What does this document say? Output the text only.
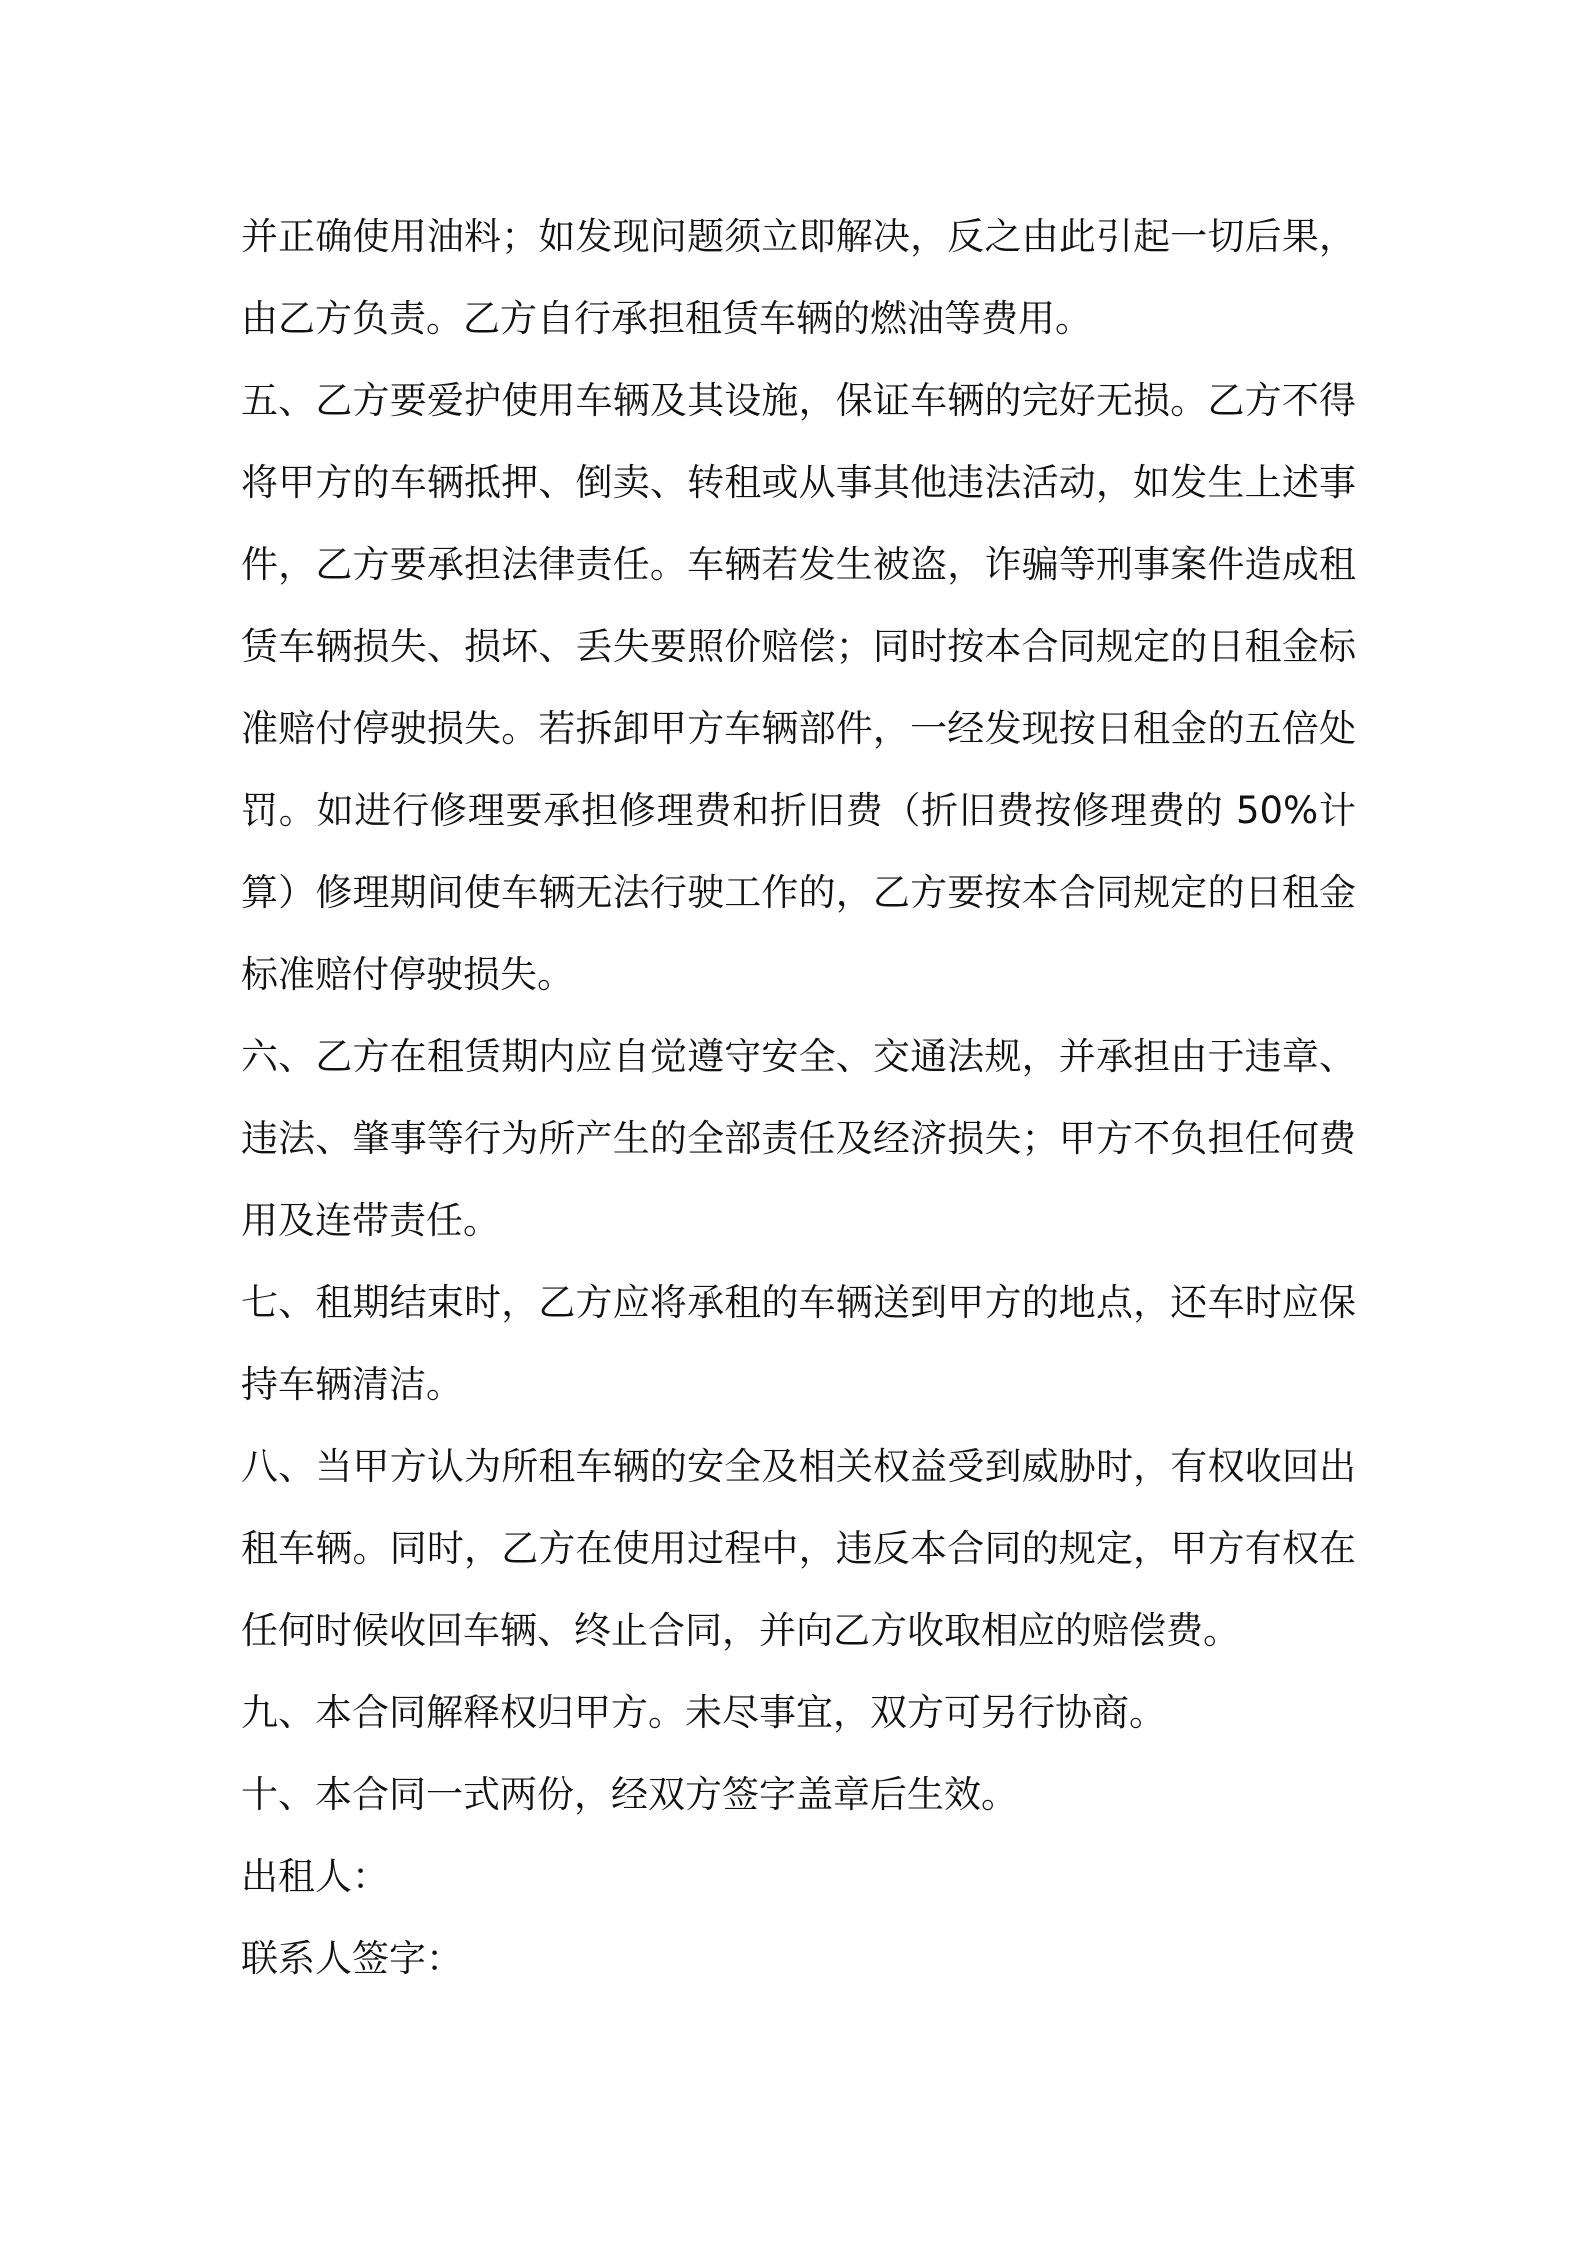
并正确使用油料；如发现问题须立即解决，反之由此引起一切后果，由乙方负责。乙方自行承担租赁车辆的燃油等费用。

五、乙方要爱护使用车辆及其设施，保证车辆的完好无损。乙方不得将甲方的车辆抵押、倒卖、转租或从事其他违法活动，如发生上述事件，乙方要承担法律责任。车辆若发生被盗，诈骗等刑事案件造成租赁车辆损失、损坏、丢失要照价赔偿；同时按本合同规定的日租金标准赔付停驶损失。若拆卸甲方车辆部件，一经发现按日租金的五倍处罚。如进行修理要承担修理费和折旧费（折旧费按修理费的 50%计算）修理期间使车辆无法行驶工作的，乙方要按本合同规定的日租金标准赔付停驶损失。

六、乙方在租赁期内应自觉遵守安全、交通法规，并承担由于违章、违法、肇事等行为所产生的全部责任及经济损失；甲方不负担任何费用及连带责任。

七、租期结束时，乙方应将承租的车辆送到甲方的地点，还车时应保持车辆清洁。

八、当甲方认为所租车辆的安全及相关权益受到威胁时，有权收回出租车辆。同时，乙方在使用过程中，违反本合同的规定，甲方有权在任何时候收回车辆、终止合同，并向乙方收取相应的赔偿费。

九、本合同解释权归甲方。未尽事宜，双方可另行协商。

十、本合同一式两份，经双方签字盖章后生效。

出租人：

联系人签字：
